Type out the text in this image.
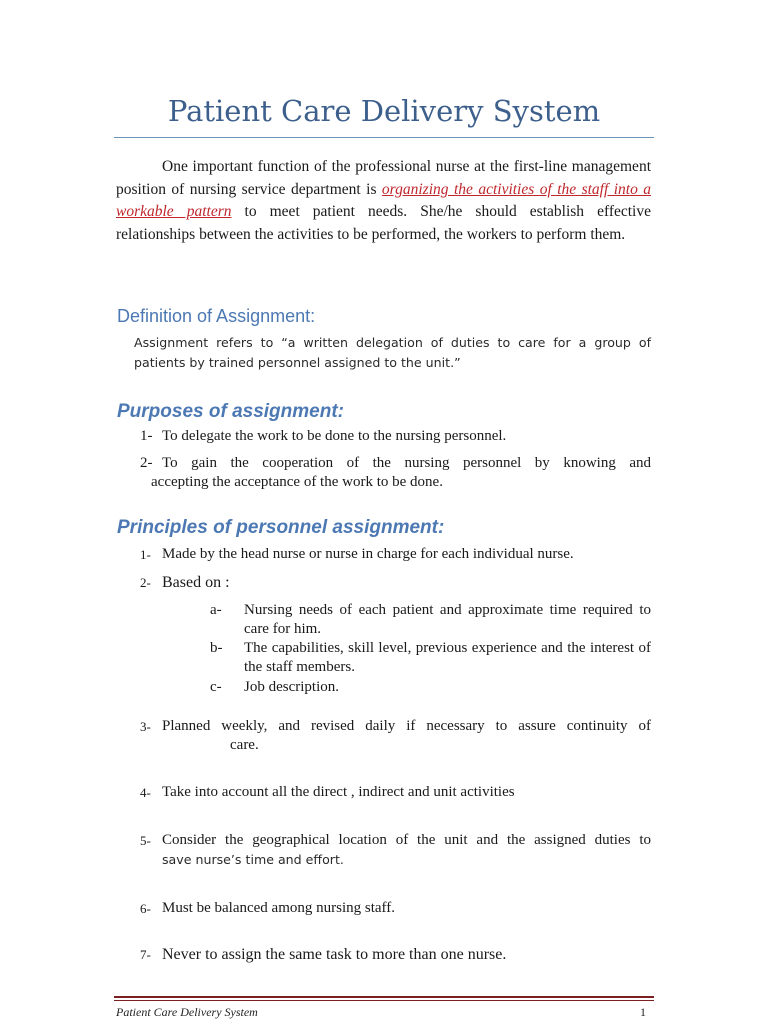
Patient Care Delivery System
One important function of the professional nurse at the first-line management position of nursing service department is organizing the activities of the staff into a workable pattern to meet patient needs. She/he should establish effective relationships between the activities to be performed, the workers to perform them.
Definition of Assignment:
Assignment refers to “a written delegation of duties to care for a group of patients by trained personnel assigned to the unit.”
Purposes of assignment:
1- To delegate the work to be done to the nursing personnel.
2- To gain the cooperation of the nursing personnel by knowing and
accepting the acceptance of the work to be done.
Principles of personnel assignment:
1- Made by the head nurse or nurse in charge for each individual nurse.
2- Based on :
a- Nursing needs of each patient and approximate time required to care for him.
b- The capabilities, skill level, previous experience and the interest of the staff members.
c- Job description.
3- Planned weekly, and revised daily if necessary to assure continuity of
care.
4- Take into account all the direct , indirect and unit activities
5- Consider the geographical location of the unit and the assigned duties to
save nurse’s time and effort.
6- Must be balanced among nursing staff.
7- Never to assign the same task to more than one nurse.
Patient Care Delivery System	1
